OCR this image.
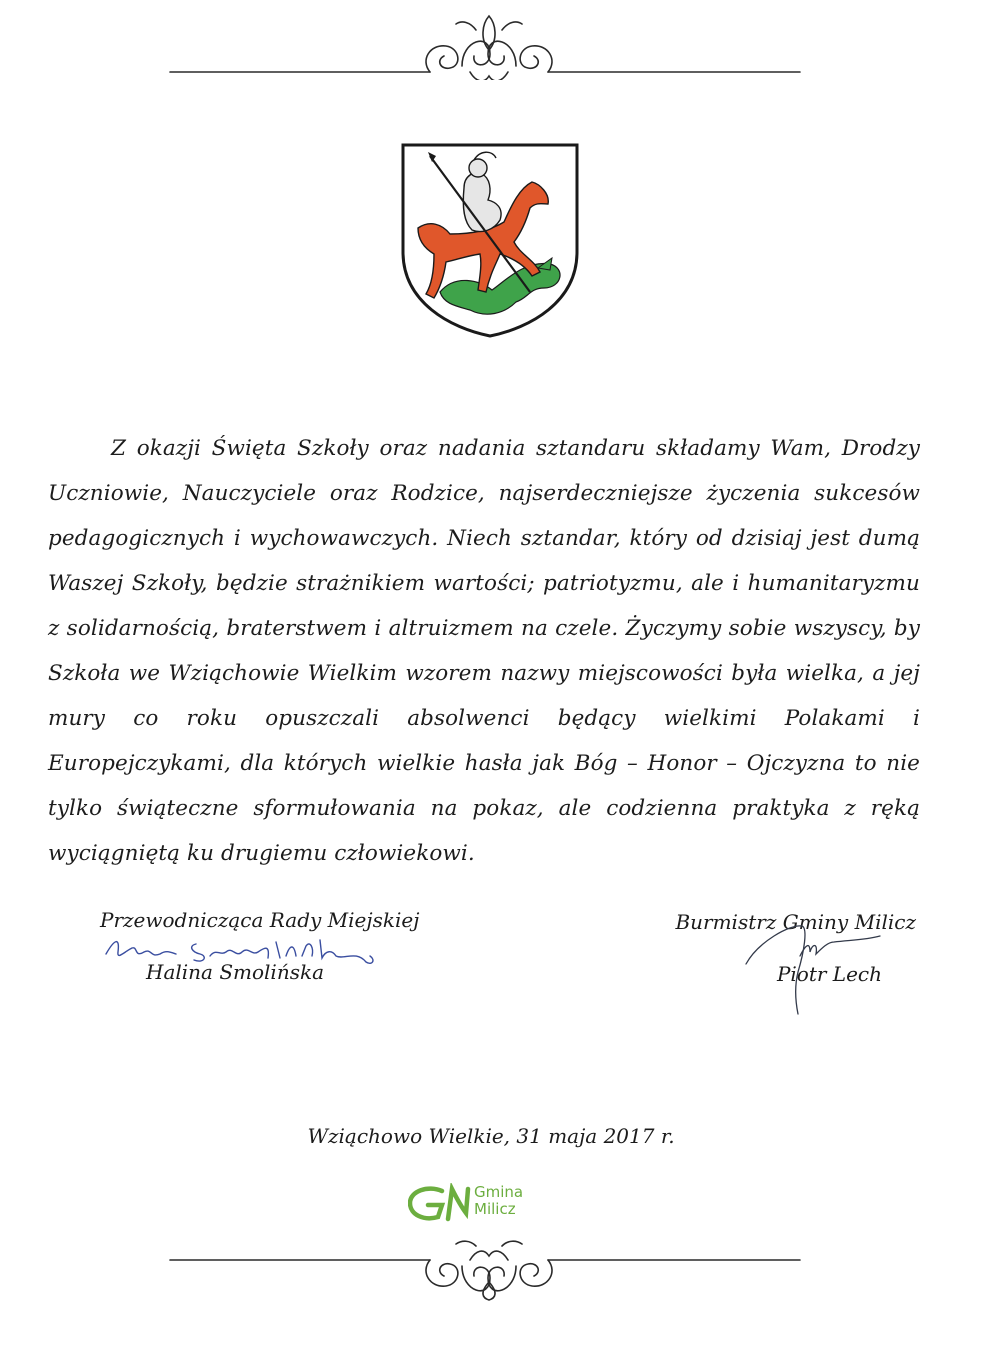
Z okazji Święta Szkoły oraz nadania sztandaru składamy Wam, Drodzy Uczniowie, Nauczyciele oraz Rodzice, najserdeczniejsze życzenia sukcesów pedagogicznych i wychowawczych. Niech sztandar, który od dzisiaj jest dumą Waszej Szkoły, będzie strażnikiem wartości; patriotyzmu, ale i humanitaryzmu z solidarnością, braterstwem i altruizmem na czele. Życzymy sobie wszyscy, by Szkoła we Wziąchowie Wielkim wzorem nazwy miejscowości była wielka, a jej mury co roku opuszczali absolwenci będący wielkimi Polakami i Europejczykami, dla których wielkie hasła jak Bóg – Honor – Ojczyzna to nie tylko świąteczne sformułowania na pokaz, ale codzienna praktyka z ręką wyciągniętą ku drugiemu człowiekowi.

Przewodnicząca Rady Miejskiej
Halina Smolińska
Burmistrz Gminy Milicz
Piotr Lech
Wziąchowo Wielkie, 31 maja 2017 r.
Gmina
Milicz
